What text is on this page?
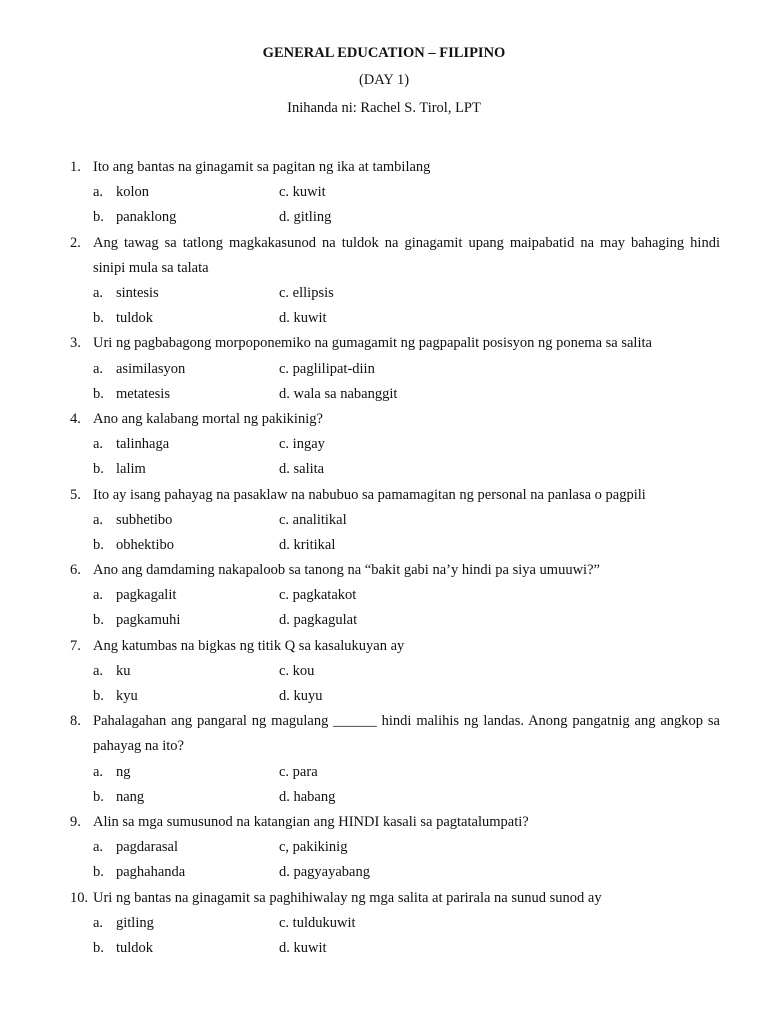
GENERAL EDUCATION – FILIPINO
(DAY 1)
Inihanda ni: Rachel S. Tirol, LPT
1. Ito ang bantas na ginagamit sa pagitan ng ika at tambilang
a. kolon	c. kuwit
b. panaklong	d. gitling
2. Ang tawag sa tatlong magkakasunod na tuldok na ginagamit upang maipabatid na may bahaging hindi sinipi mula sa talata
a. sintesis	c. ellipsis
b. tuldok	d. kuwit
3. Uri ng pagbabagong morpoponemiko na gumagamit ng pagpapalit posisyon ng ponema sa salita
a. asimilasyon	c. paglilipat-diin
b. metatesis	d. wala sa nabanggit
4. Ano ang kalabang mortal ng pakikinig?
a. talinhaga	c. ingay
b. lalim	d. salita
5. Ito ay isang pahayag na pasaklaw na nabubuo sa pamamagitan ng personal na panlasa o pagpili
a. subhetibo	c. analitikal
b. obhektibo	d. kritikal
6. Ano ang damdaming nakapaloob sa tanong na “bakit gabi na’y hindi pa siya umuuwi?”
a. pagkagalit	c. pagkatakot
b. pagkamuhi	d. pagkagulat
7. Ang katumbas na bigkas ng titik Q sa kasalukuyan ay
a. ku	c. kou
b. kyu	d. kuyu
8. Pahalagahan ang pangaral ng magulang ______ hindi malihis ng landas. Anong pangatnig ang angkop sa pahayag na ito?
a. ng	c. para
b. nang	d. habang
9. Alin sa mga sumusunod na katangian ang HINDI kasali sa pagtatalumpati?
a. pagdarasal	c, pakikinig
b. paghahanda	d. pagyayabang
10. Uri ng bantas na ginagamit sa paghihiwalay ng mga salita at parirala na sunud sunod ay
a. gitling	c. tuldukuwit
b. tuldok	d. kuwit
